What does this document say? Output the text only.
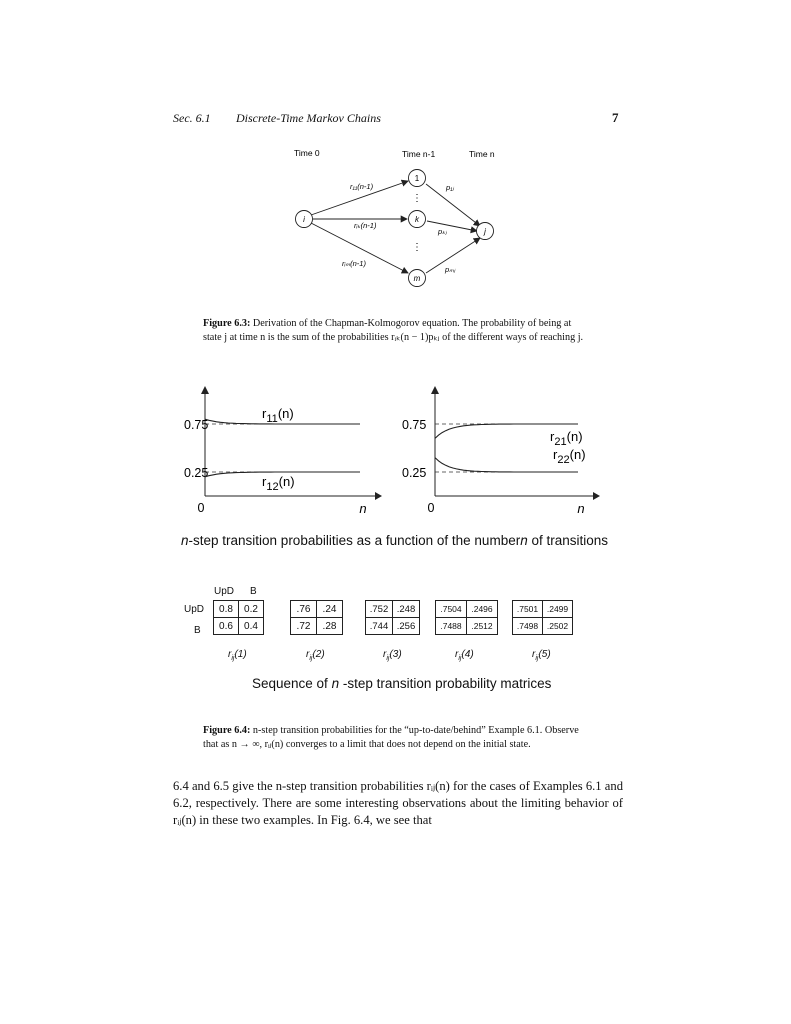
Sec. 6.1 Discrete-Time Markov Chains	7
Time 0	Time n-1	Time n
i
1
k
m
j
⋮
⋮
r₁₁(n-1)
rᵢₖ(n-1)
rᵢₘ(n-1)
p₁ⱼ
pₖⱼ
pₘⱼ
Figure 6.3: Derivation of the Chapman-Kolmogorov equation. The probability of being at state j at time n is the sum of the probabilities rᵢₖ(n − 1)pₖⱼ of the different ways of reaching j.
0.75
0.25
0	n
r11(n)
r12(n)
0.75
0.25
0	n
r21(n)
r22(n)
n-step transition probabilities as a function of the numbern of transitions
UpD B
UpD
B
0.8	0.2
0.6	0.4
.76	.24
.72	.28
.752	.248
.744	.256
.7504	.2496
.7488	.2512
.7501	.2499
.7498	.2502
$r_{ij}(1)$	$r_{ij}(2)$	$r_{ij}(3)$	$r_{ij}(4)$	$r_{ij}(5)$
Sequence of n -step transition probability matrices
Figure 6.4: n-step transition probabilities for the “up-to-date/behind” Example 6.1. Observe that as n → ∞, rᵢⱼ(n) converges to a limit that does not depend on the initial state.
6.4 and 6.5 give the n-step transition probabilities rᵢⱼ(n) for the cases of Examples 6.1 and 6.2, respectively. There are some interesting observations about the limiting behavior of rᵢⱼ(n) in these two examples. In Fig. 6.4, we see that
